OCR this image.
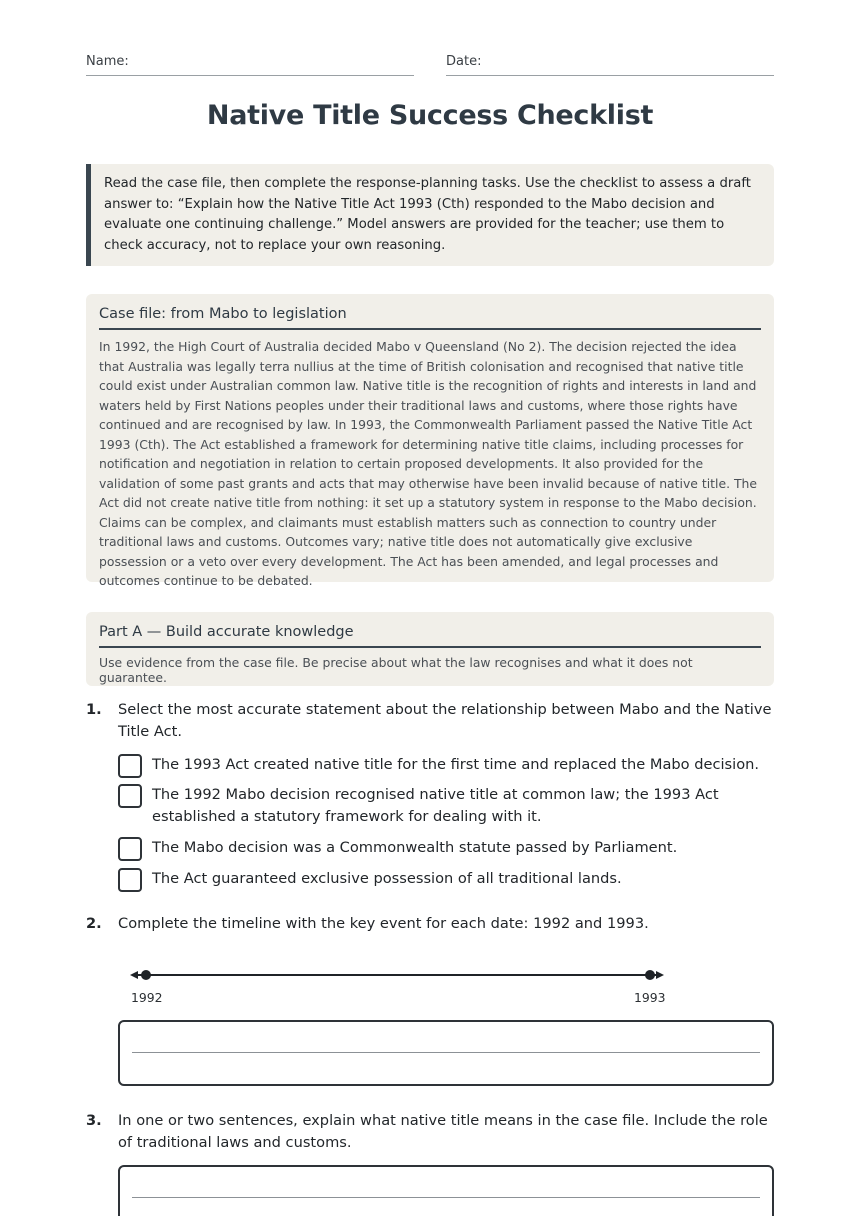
Name:	Date:
Native Title Success Checklist
Read the case file, then complete the response-planning tasks. Use the checklist to assess a draft answer to: “Explain how the Native Title Act 1993 (Cth) responded to the Mabo decision and evaluate one continuing challenge.” Model answers are provided for the teacher; use them to check accuracy, not to replace your own reasoning.
Case file: from Mabo to legislation
In 1992, the High Court of Australia decided Mabo v Queensland (No 2). The decision rejected the idea that Australia was legally terra nullius at the time of British colonisation and recognised that native title could exist under Australian common law. Native title is the recognition of rights and interests in land and waters held by First Nations peoples under their traditional laws and customs, where those rights have continued and are recognised by law. In 1993, the Commonwealth Parliament passed the Native Title Act 1993 (Cth). The Act established a framework for determining native title claims, including processes for notification and negotiation in relation to certain proposed developments. It also provided for the validation of some past grants and acts that may otherwise have been invalid because of native title. The Act did not create native title from nothing: it set up a statutory system in response to the Mabo decision. Claims can be complex, and claimants must establish matters such as connection to country under traditional laws and customs. Outcomes vary; native title does not automatically give exclusive possession or a veto over every development. The Act has been amended, and legal processes and outcomes continue to be debated.
Part A — Build accurate knowledge
Use evidence from the case file. Be precise about what the law recognises and what it does not guarantee.
1. Select the most accurate statement about the relationship between Mabo and the Native Title Act.
The 1993 Act created native title for the first time and replaced the Mabo decision.
The 1992 Mabo decision recognised native title at common law; the 1993 Act established a statutory framework for dealing with it.
The Mabo decision was a Commonwealth statute passed by Parliament.
The Act guaranteed exclusive possession of all traditional lands.
2. Complete the timeline with the key event for each date: 1992 and 1993.
1992	1993
3. In one or two sentences, explain what native title means in the case file. Include the role of traditional laws and customs.
